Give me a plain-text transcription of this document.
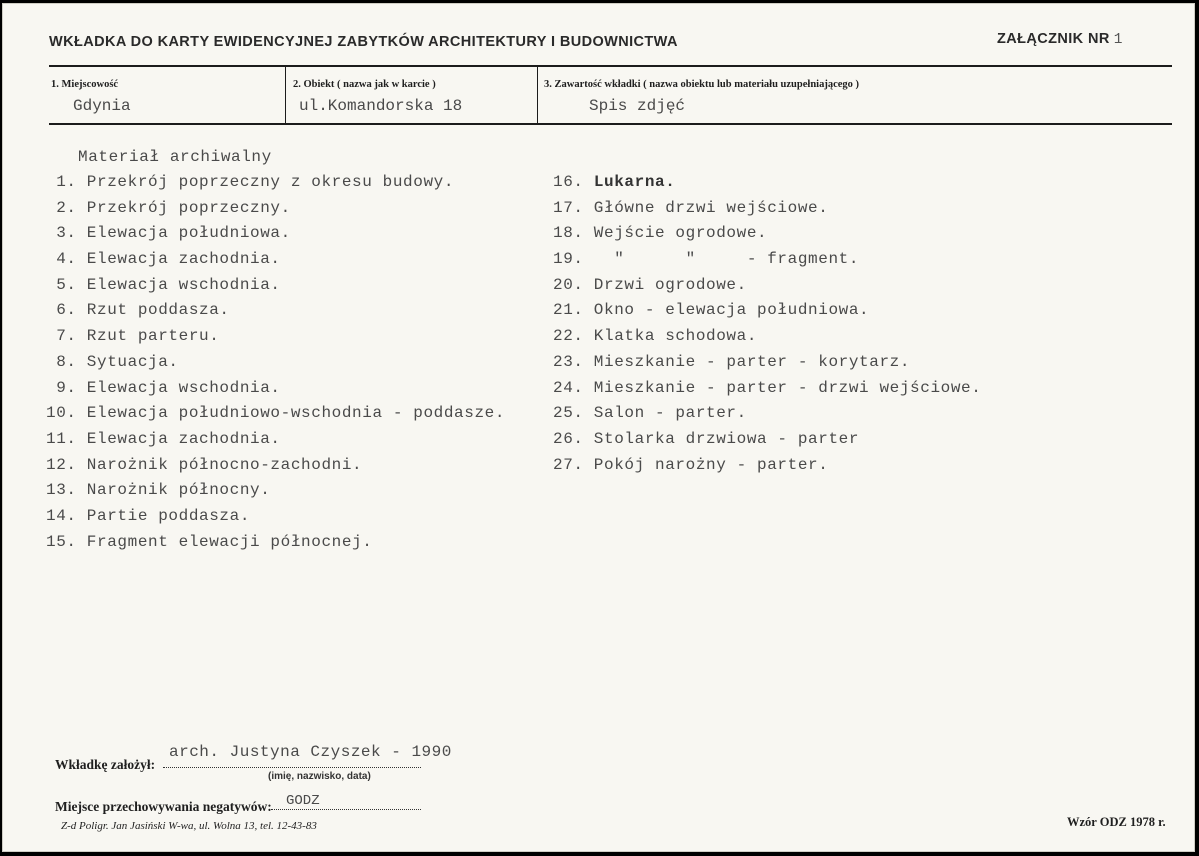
WKŁADKA DO KARTY EWIDENCYJNEJ ZABYTKÓW ARCHITEKTURY I BUDOWNICTWA	ZAŁĄCZNIK NR 1
1. Miejscowość
Gdynia
2. Obiekt ( nazwa jak w karcie )
ul.Komandorska 18
3. Zawartość wkładki ( nazwa obiektu lub materiału uzupełniającego )
Spis zdjęć
Materiał archiwalny
1. Przekrój poprzeczny z okresu budowy.
2. Przekrój poprzeczny.
3. Elewacja południowa.
4. Elewacja zachodnia.
5. Elewacja wschodnia.
6. Rzut poddasza.
7. Rzut parteru.
8. Sytuacja.
9. Elewacja wschodnia.
10. Elewacja południowo-wschodnia - poddasze.
11. Elewacja zachodnia.
12. Narożnik północno-zachodni.
13. Narożnik północny.
14. Partie poddasza.
15. Fragment elewacji północnej.
16. Lukarna.
17. Główne drzwi wejściowe.
18. Wejście ogrodowe.
19.   "      "     - fragment.
20. Drzwi ogrodowe.
21. Okno - elewacja południowa.
22. Klatka schodowa.
23. Mieszkanie - parter - korytarz.
24. Mieszkanie - parter - drzwi wejściowe.
25. Salon - parter.
26. Stolarka drzwiowa - parter
27. Pokój narożny - parter.
Wkładkę założył:
arch. Justyna Czyszek - 1990
(imię, nazwisko, data)
Miejsce przechowywania negatywów: GODZ
Z-d Poligr. Jan Jasiński W-wa, ul. Wolna 13, tel. 12-43-83	Wzór ODZ 1978 r.
